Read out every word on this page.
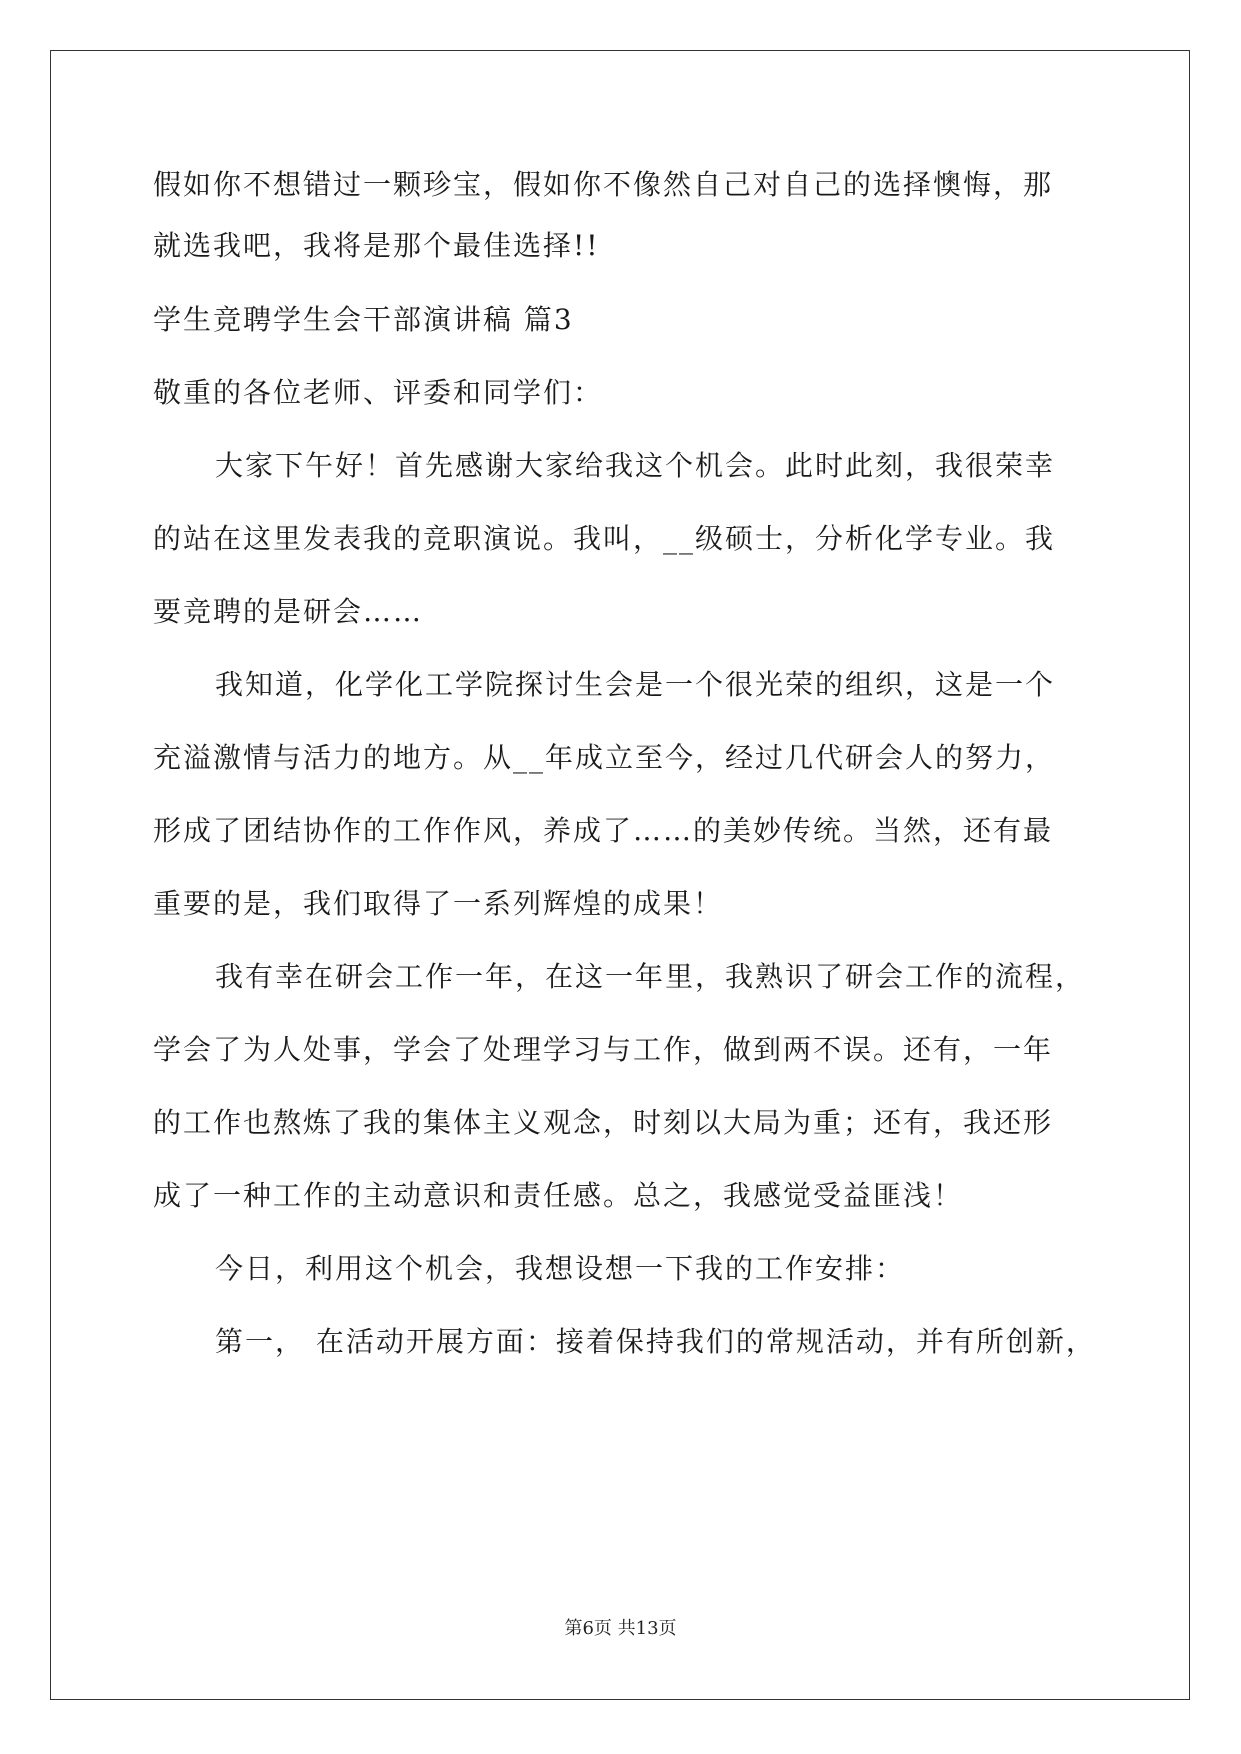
假如你不想错过一颗珍宝，假如你不像然自己对自己的选择懊悔，那
就选我吧，我将是那个最佳选择!!
学生竞聘学生会干部演讲稿 篇3
敬重的各位老师、评委和同学们：
大家下午好！首先感谢大家给我这个机会。此时此刻，我很荣幸
的站在这里发表我的竞职演说。我叫，__级硕士，分析化学专业。我
要竞聘的是研会……
我知道，化学化工学院探讨生会是一个很光荣的组织，这是一个
充溢激情与活力的地方。从__年成立至今，经过几代研会人的努力，
形成了团结协作的工作作风，养成了……的美妙传统。当然，还有最
重要的是，我们取得了一系列辉煌的成果！
我有幸在研会工作一年，在这一年里，我熟识了研会工作的流程，
学会了为人处事，学会了处理学习与工作，做到两不误。还有，一年
的工作也熬炼了我的集体主义观念，时刻以大局为重；还有，我还形
成了一种工作的主动意识和责任感。总之，我感觉受益匪浅！
今日，利用这个机会，我想设想一下我的工作安排：
第一， 在活动开展方面：接着保持我们的常规活动，并有所创新，
第6页 共13页
